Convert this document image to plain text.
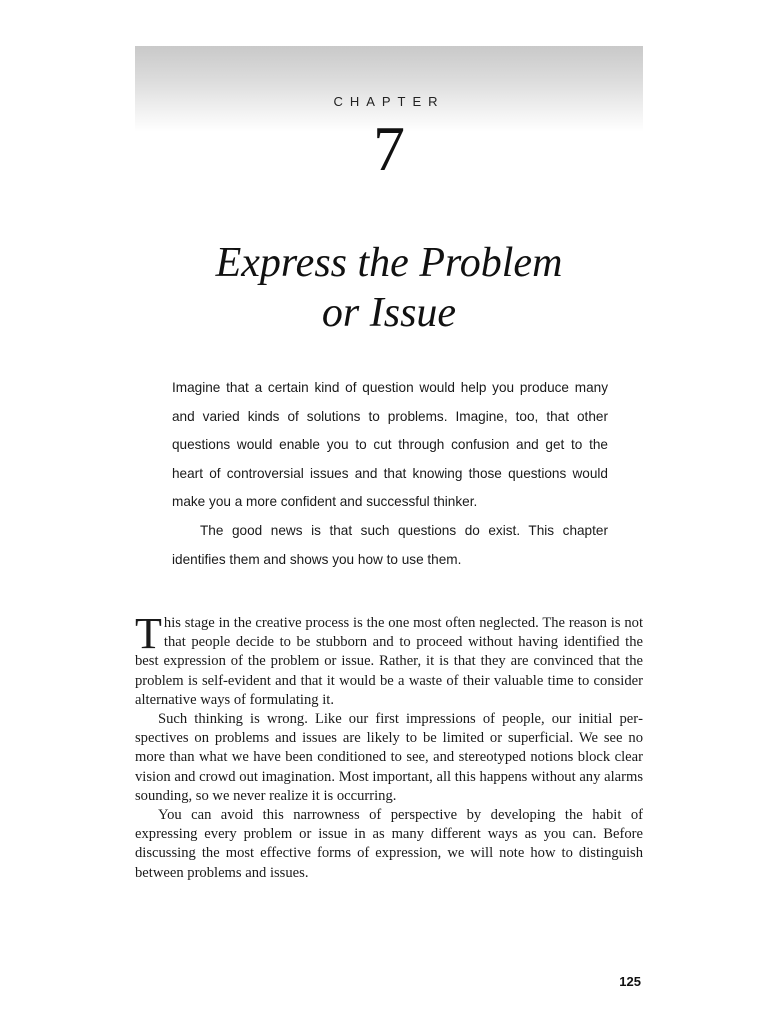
CHAPTER
7
Express the Problem
or Issue

Imagine that a certain kind of question would help you produce many and varied kinds of solutions to problems. Imagine, too, that other questions would enable you to cut through confusion and get to the heart of controversial issues and that knowing those questions would make you a more confident and successful thinker.

The good news is that such questions do exist. This chapter identifies them and shows you how to use them.

This stage in the creative process is the one most often neglected. The reason is not that people decide to be stubborn and to proceed without having identified the best expression of the problem or issue. Rather, it is that they are convinced that the problem is self-evident and that it would be a waste of their valuable time to consider alternative ways of formulating it.

Such thinking is wrong. Like our first impressions of people, our initial perspectives on problems and issues are likely to be limited or superficial. We see no more than what we have been conditioned to see, and stereotyped notions block clear vision and crowd out imagination. Most important, all this happens without any alarms sounding, so we never realize it is occurring.

You can avoid this narrowness of perspective by developing the habit of expressing every problem or issue in as many different ways as you can. Before discussing the most effective forms of expression, we will note how to distinguish between problems and issues.

125
